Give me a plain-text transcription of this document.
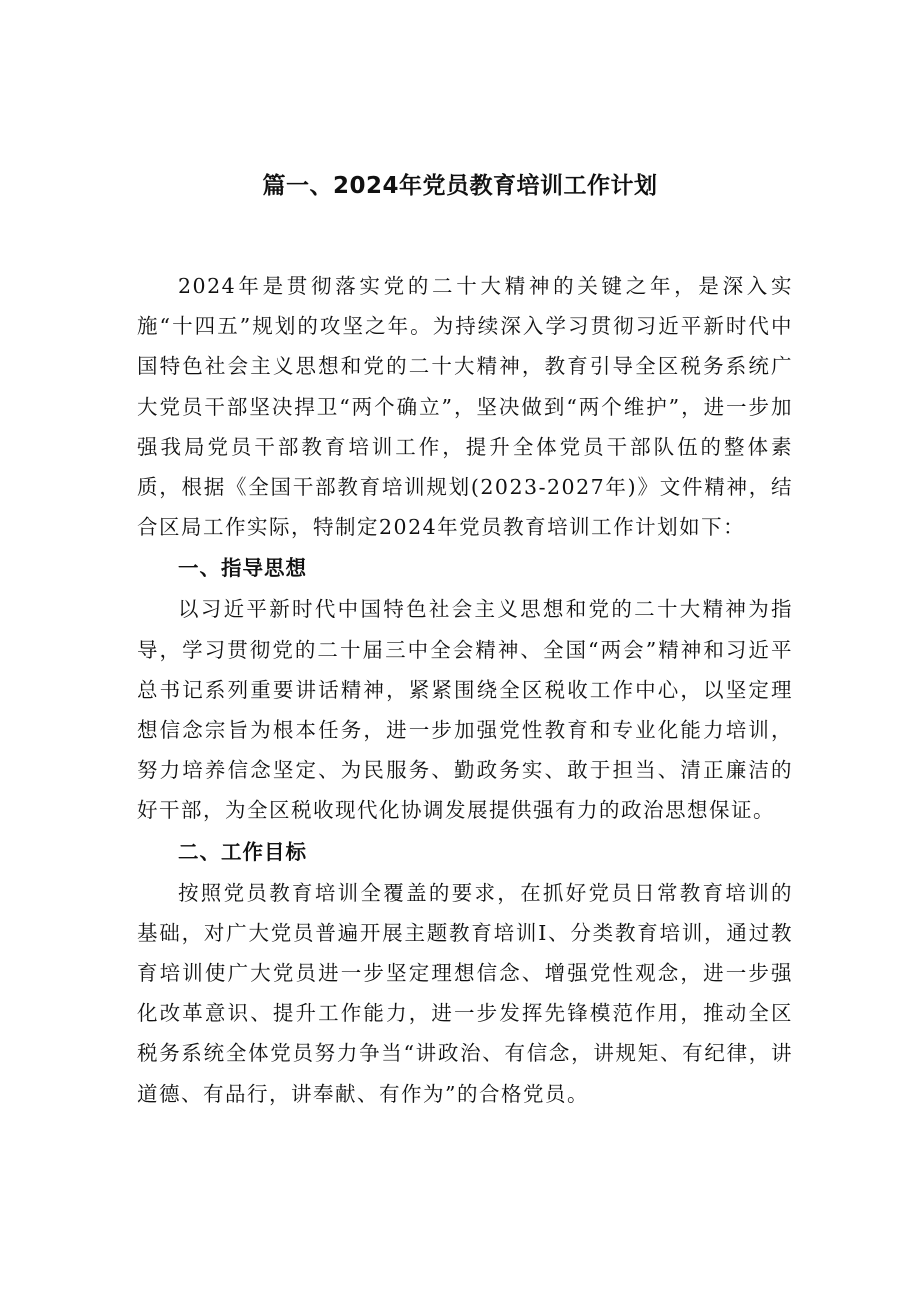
篇一、2024年党员教育培训工作计划

2024年是贯彻落实党的二十大精神的关键之年，是深入实施“十四五”规划的攻坚之年。为持续深入学习贯彻习近平新时代中国特色社会主义思想和党的二十大精神，教育引导全区税务系统广大党员干部坚决捍卫“两个确立”，坚决做到“两个维护”，进一步加强我局党员干部教育培训工作，提升全体党员干部队伍的整体素质，根据《全国干部教育培训规划(2023-2027年)》文件精神，结合区局工作实际，特制定2024年党员教育培训工作计划如下：

一、指导思想

以习近平新时代中国特色社会主义思想和党的二十大精神为指导，学习贯彻党的二十届三中全会精神、全国“两会”精神和习近平总书记系列重要讲话精神，紧紧围绕全区税收工作中心，以坚定理想信念宗旨为根本任务，进一步加强党性教育和专业化能力培训，努力培养信念坚定、为民服务、勤政务实、敢于担当、清正廉洁的好干部，为全区税收现代化协调发展提供强有力的政治思想保证。

二、工作目标

按照党员教育培训全覆盖的要求，在抓好党员日常教育培训的基础，对广大党员普遍开展主题教育培训I、分类教育培训，通过教育培训使广大党员进一步坚定理想信念、增强党性观念，进一步强化改革意识、提升工作能力，进一步发挥先锋模范作用，推动全区税务系统全体党员努力争当“讲政治、有信念，讲规矩、有纪律，讲道德、有品行，讲奉献、有作为”的合格党员。
